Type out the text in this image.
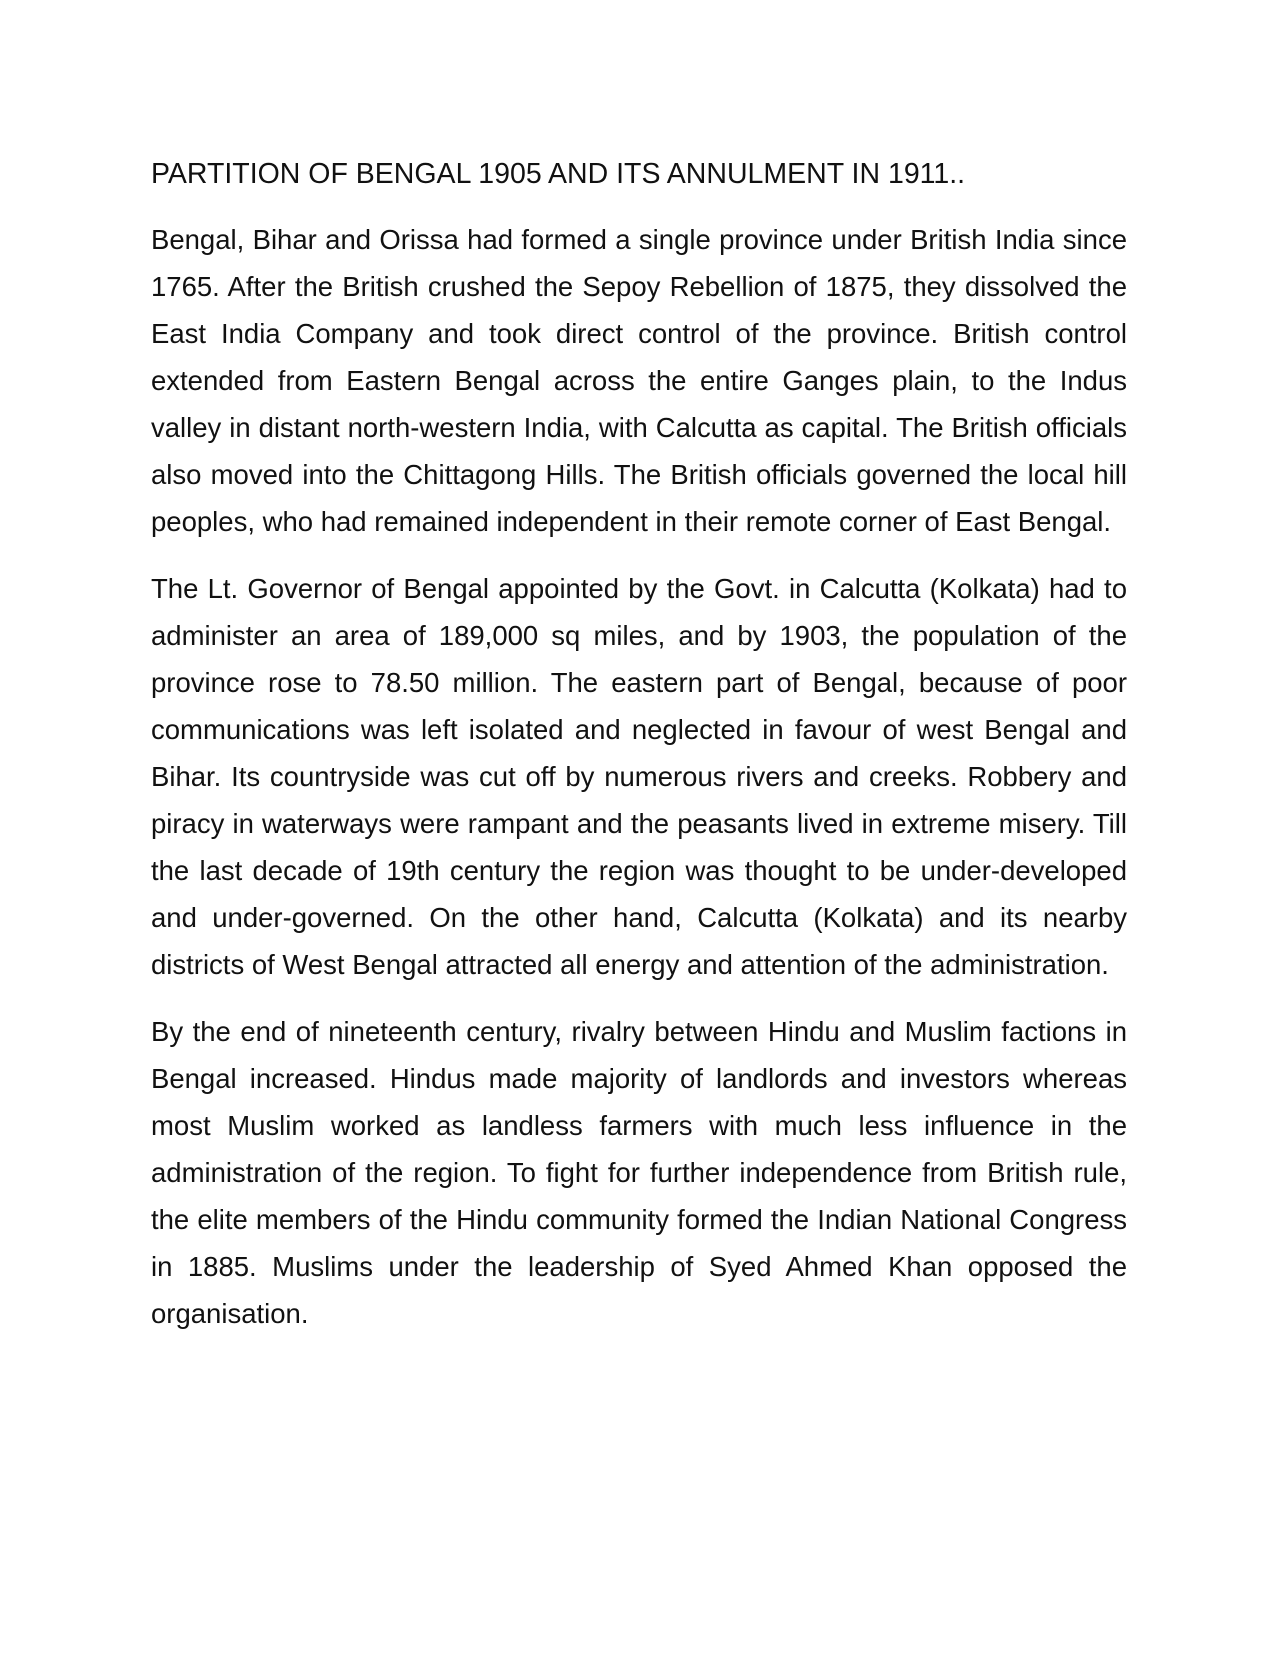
PARTITION OF BENGAL 1905 AND ITS ANNULMENT IN 1911..

Bengal, Bihar and Orissa had formed a single province under British India since 1765. After the British crushed the Sepoy Rebellion of 1875, they dissolved the East India Company and took direct control of the province. British control extended from Eastern Bengal across the entire Ganges plain, to the Indus valley in distant north-western India, with Calcutta as capital. The British officials also moved into the Chittagong Hills. The British officials governed the local hill peoples, who had remained independent in their remote corner of East Bengal.

The Lt. Governor of Bengal appointed by the Govt. in Calcutta (Kolkata) had to administer an area of 189,000 sq miles, and by 1903, the population of the province rose to 78.50 million. The eastern part of Bengal, because of poor communications was left isolated and neglected in favour of west Bengal and Bihar. Its countryside was cut off by numerous rivers and creeks. Robbery and piracy in waterways were rampant and the peasants lived in extreme misery. Till the last decade of 19th century the region was thought to be under-developed and under-governed. On the other hand, Calcutta (Kolkata) and its nearby districts of West Bengal attracted all energy and attention of the administration.

By the end of nineteenth century, rivalry between Hindu and Muslim factions in Bengal increased. Hindus made majority of landlords and investors whereas most Muslim worked as landless farmers with much less influence in the administration of the region. To fight for further independence from British rule, the elite members of the Hindu community formed the Indian National Congress in 1885. Muslims under the leadership of Syed Ahmed Khan opposed the organisation.
